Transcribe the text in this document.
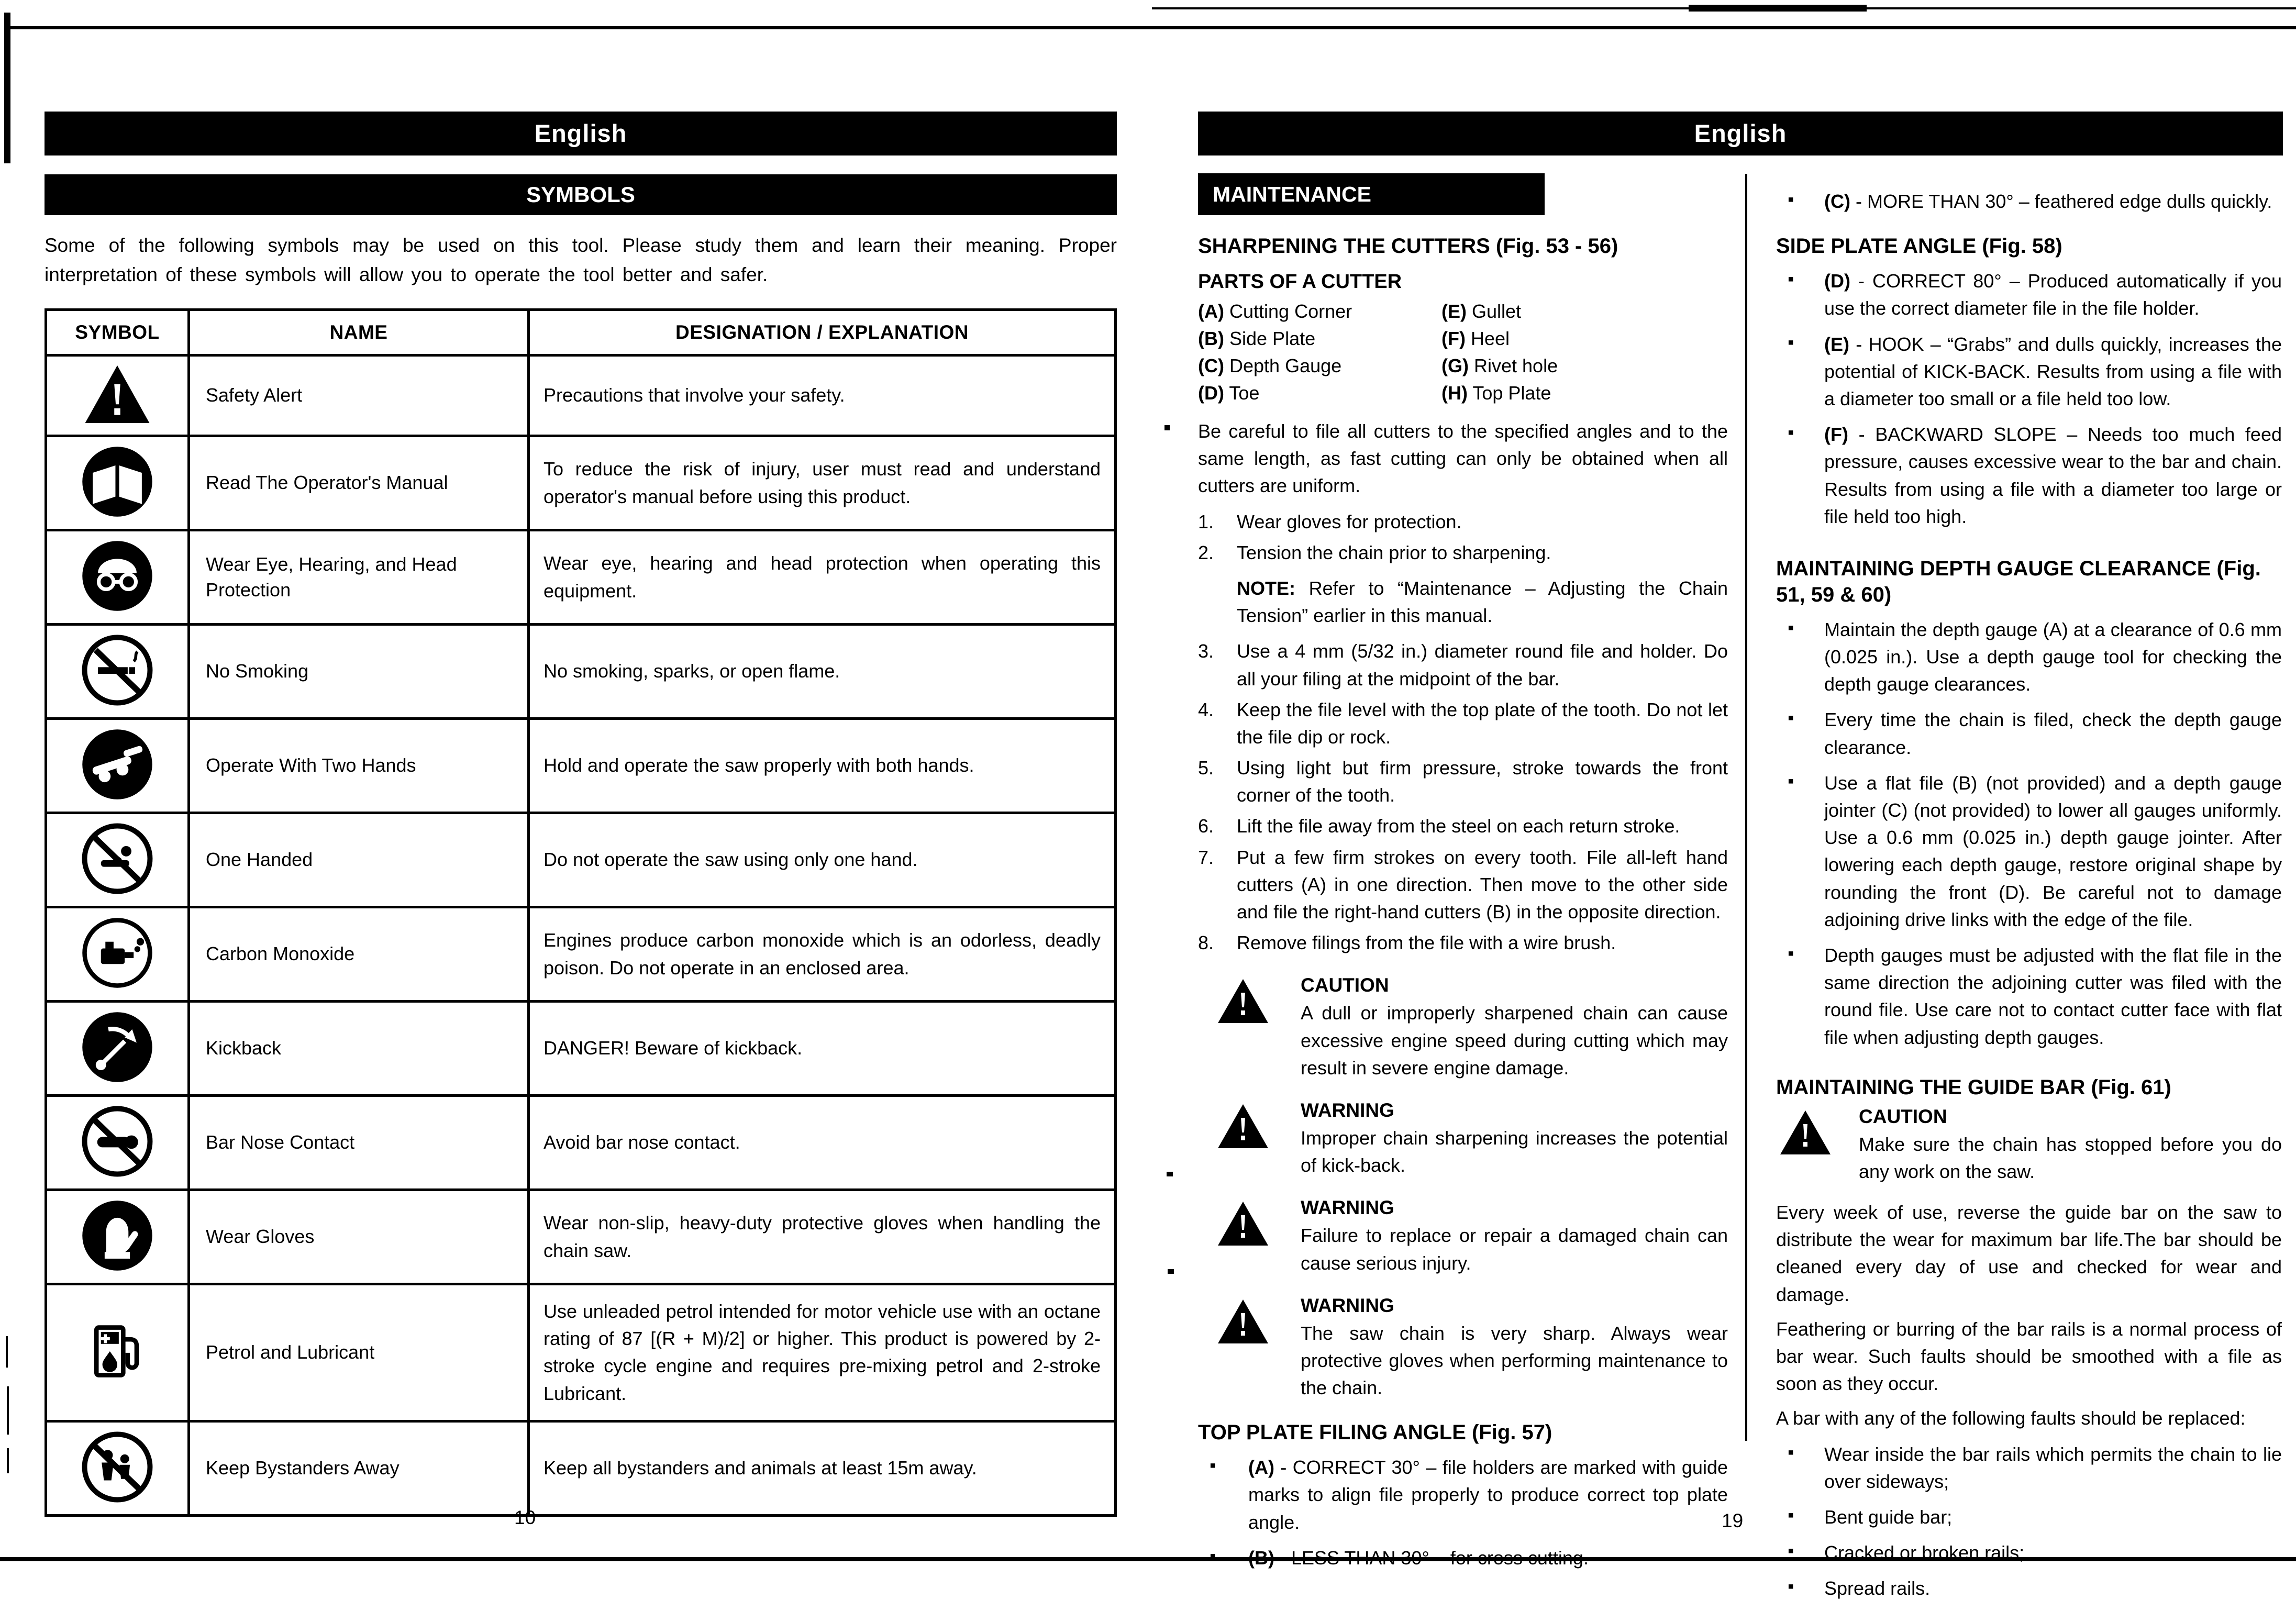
English
SYMBOLS

Some of the following symbols may be used on this tool. Please study them and learn their meaning. Proper interpretation of these symbols will allow you to operate the tool better and safer.

SYMBOL	NAME	DESIGNATION / EXPLANATION
	Safety Alert	Precautions that involve your safety.
	Read The Operator's Manual	To reduce the risk of injury, user must read and understand operator's manual before using this product.
	Wear Eye, Hearing, and Head Protection	Wear eye, hearing and head protection when operating this equipment.
	No Smoking	No smoking, sparks, or open flame.
	Operate With Two Hands	Hold and operate the saw properly with both hands.
	One Handed	Do not operate the saw using only one hand.
	Carbon Monoxide	Engines produce carbon monoxide which is an odorless, deadly poison. Do not operate in an enclosed area.
	Kickback	DANGER! Beware of kickback.
	Bar Nose Contact	Avoid bar nose contact.
	Wear Gloves	Wear non-slip, heavy-duty protective gloves when handling the chain saw.
	Petrol and Lubricant	Use unleaded petrol intended for motor vehicle use with an octane rating of 87 [(R + M)/2] or higher. This product is powered by 2-stroke cycle engine and requires pre-mixing petrol and 2-stroke Lubricant.
	Keep Bystanders Away	Keep all bystanders and animals at least 15m away.
10
English
MAINTENANCE
SHARPENING THE CUTTERS (Fig. 53 - 56)
PARTS OF A CUTTER
(A) Cutting Corner	(E) Gullet
(B) Side Plate	(F) Heel
(C) Depth Gauge	(G) Rivet hole
(D) Toe	(H) Top Plate

Be careful to file all cutters to the specified angles and to the same length, as fast cutting can only be obtained when all cutters are uniform.

1.	Wear gloves for protection.
2.	Tension the chain prior to sharpening.
NOTE: Refer to “Maintenance – Adjusting the Chain Tension” earlier in this manual.
3.	Use a 4 mm (5/32 in.) diameter round file and holder. Do all your filing at the midpoint of the bar.
4.	Keep the file level with the top plate of the tooth. Do not let the file dip or rock.
5.	Using light but firm pressure, stroke towards the front corner of the tooth.
6.	Lift the file away from the steel on each return stroke.
7.	Put a few firm strokes on every tooth. File all-left hand cutters (A) in one direction. Then move to the other side and file the right-hand cutters (B) in the opposite direction.
8.	Remove filings from the file with a wire brush.
CAUTION
A dull or improperly sharpened chain can cause excessive engine speed during cutting which may result in severe engine damage.
WARNING
Improper chain sharpening increases the potential of kick-back.
WARNING
Failure to replace or repair a damaged chain can cause serious injury.
WARNING
The saw chain is very sharp. Always wear protective gloves when performing maintenance to the chain.
TOP PLATE FILING ANGLE (Fig. 57)
▪ (A) - CORRECT 30° – file holders are marked with guide marks to align file properly to produce correct top plate angle.
▪ (B) - LESS THAN 30° – for cross cutting.
▪ (C) - MORE THAN 30° – feathered edge dulls quickly.
SIDE PLATE ANGLE (Fig. 58)
▪ (D) - CORRECT 80° – Produced automatically if you use the correct diameter file in the file holder.
▪ (E) - HOOK – “Grabs” and dulls quickly, increases the potential of KICK-BACK. Results from using a file with a diameter too small or a file held too low.
▪ (F) - BACKWARD SLOPE – Needs too much feed pressure, causes excessive wear to the bar and chain. Results from using a file with a diameter too large or file held too high.
MAINTAINING DEPTH GAUGE CLEARANCE (Fig. 51, 59 & 60)
▪ Maintain the depth gauge (A) at a clearance of 0.6 mm (0.025 in.). Use a depth gauge tool for checking the depth gauge clearances.
▪ Every time the chain is filed, check the depth gauge clearance.
▪ Use a flat file (B) (not provided) and a depth gauge jointer (C) (not provided) to lower all gauges uniformly. Use a 0.6 mm (0.025 in.) depth gauge jointer. After lowering each depth gauge, restore original shape by rounding the front (D). Be careful not to damage adjoining drive links with the edge of the file.
▪ Depth gauges must be adjusted with the flat file in the same direction the adjoining cutter was filed with the round file. Use care not to contact cutter face with flat file when adjusting depth gauges.
MAINTAINING THE GUIDE BAR (Fig. 61)
CAUTION
Make sure the chain has stopped before you do any work on the saw.

Every week of use, reverse the guide bar on the saw to distribute the wear for maximum bar life.The bar should be cleaned every day of use and checked for wear and damage.

Feathering or burring of the bar rails is a normal process of bar wear. Such faults should be smoothed with a file as soon as they occur.

A bar with any of the following faults should be replaced:

▪ Wear inside the bar rails which permits the chain to lie over sideways;
▪ Bent guide bar;
▪ Cracked or broken rails;
▪ Spread rails.
19
